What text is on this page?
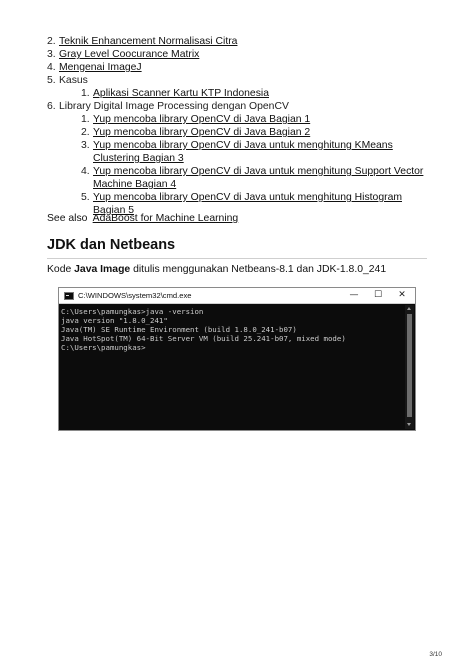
2. Teknik Enhancement Normalisasi Citra
3. Gray Level Coocurance Matrix
4. Mengenai ImageJ
5. Kasus
1. Aplikasi Scanner Kartu KTP Indonesia
6. Library Digital Image Processing dengan OpenCV
1. Yup mencoba library OpenCV di Java Bagian 1
2. Yup mencoba library OpenCV di Java Bagian 2
3. Yup mencoba library OpenCV di Java untuk menghitung KMeans Clustering Bagian 3
4. Yup mencoba library OpenCV di Java untuk menghitung Support Vector Machine Bagian 4
5. Yup mencoba library OpenCV di Java untuk menghitung Histogram Bagian 5
See also AdaBoost for Machine Learning
JDK dan Netbeans
Kode Java Image ditulis menggunakan Netbeans-8.1 dan JDK-1.8.0_241
C:\WINDOWS\system32\cmd.exe	—	☐	✕
C:\Users\pamungkas>java -version
java version "1.8.0_241"
Java(TM) SE Runtime Environment (build 1.8.0_241-b07)
Java HotSpot(TM) 64-Bit Server VM (build 25.241-b07, mixed mode)
C:\Users\pamungkas>
3/10
